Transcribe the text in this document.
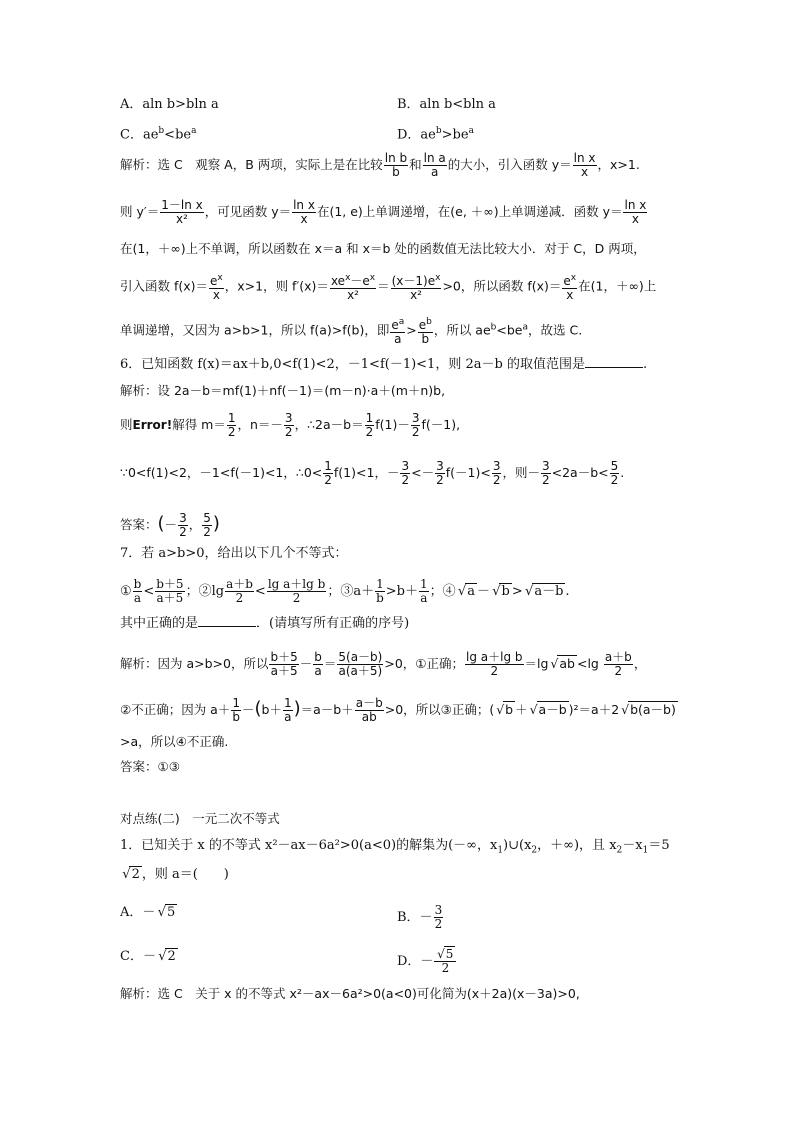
A．aln b>bln a	B．aln b<bln a
C．$ae^b<be^a$	D．$ae^b>be^a$
解析：选 C　观察 A，B 两项，实际上是在比较 $\frac{\text{ln b}}{b}$ 和 $\frac{\text{ln a}}{a}$ 的大小，引入函数 $y= \frac{\text{ln x}}{x}$ ，x>1.
则 $y'= \frac{\text{1－ln x}}{\text{x²}}$ ，可见函数 $y= \frac{\text{ln x}}{x}$ 在(1, e)上单调递增，在(e, ＋∞)上单调递减．函数 $y= \frac{\text{ln x}}{x}$
在(1，＋∞)上不单调，所以函数在 x＝a 和 x＝b 处的函数值无法比较大小．对于 C，D 两项，
引入函数 $f(x)= \frac{e^x}{x}$ ，x>1，则 $f'(x)= \frac{xe^x-e^x}{\text{x²}} = \frac{(x-1)e^x}{\text{x²}} >0$，所以函数 $f(x)= \frac{e^x}{x}$ 在(1，＋∞)上
单调递增，又因为 a>b>1，所以 f(a)>f(b)，即 $\frac{e^a}{a} > \frac{e^b}{b}$ ，所以 $ae^b<be^a$，故选 C.
6．已知函数 f(x)＝ax＋b,0<f(1)<2，－1<f(－1)<1，则 2a－b 的取值范围是	.
解析：设 2a－b＝mf(1)＋nf(－1)＝(m－n)·a＋(m＋n)b,
则Error!解得 $m= \frac{1}{2}$ ，$n=- \frac{3}{2}$ ，∴2a－b＝ $\frac{1}{2} f(1)- \frac{3}{2} f(-1)$,
∵0<f(1)<2，－1<f(－1)<1，∴0< $\frac{1}{2} f(1)<1$，－ $\frac{3}{2} <- \frac{3}{2} f(-1)< \frac{3}{2}$ ，则－ $\frac{3}{2} <2a-b< \frac{5}{2}$ .
答案：(－ $\frac{3}{2}$ ， $\frac{5}{2}$ )
7．若 a>b>0，给出以下几个不等式：
① $\frac{b}{a} < \frac{b+5}{a+5}$ ；②lg $\frac{a+b}{2} < \frac{\text{lg a＋lg b}}{2}$ ；③a＋ $\frac{1}{b} >b+ \frac{1}{a}$ ；④  √ a －  √ b >  √ a－b .
其中正确的是	．(请填写所有正确的序号)
解析：因为 a>b>0，所以 $\frac{b+5}{a+5} - \frac{b}{a} = \frac{5(a-b)}{a(a+5)} >0$，①正确； $\frac{\text{lg a＋lg b}}{2} =\lg$  √ ab $<\lg \frac{a+b}{2}$ ，
②不正确；因为 $a+ \frac{1}{b} -(b+ \frac{1}{a} )=a-b+ \frac{a-b}{ab} >0$，所以③正确；(  √ b ＋  √ a－b )²＝a＋2  √ b(a－b)
>a，所以④不正确.
答案：①③
对点练(二)　一元二次不等式
1．已知关于 x 的不等式 x²－ax－6a²>0(a<0)的解集为(－∞，$x_1)\cup(x_2$，＋∞)，且 $x_2-x_1=5$
√ 2 ，则 a＝(　　)
A．－  √ 5	B．－ $\frac{3}{2}$
C．－  √ 2	D．－
√ $\frac{5}{2}$
解析：选 C　关于 x 的不等式 x²－ax－6a²>0(a<0)可化简为(x＋2a)(x－3a)>0,
